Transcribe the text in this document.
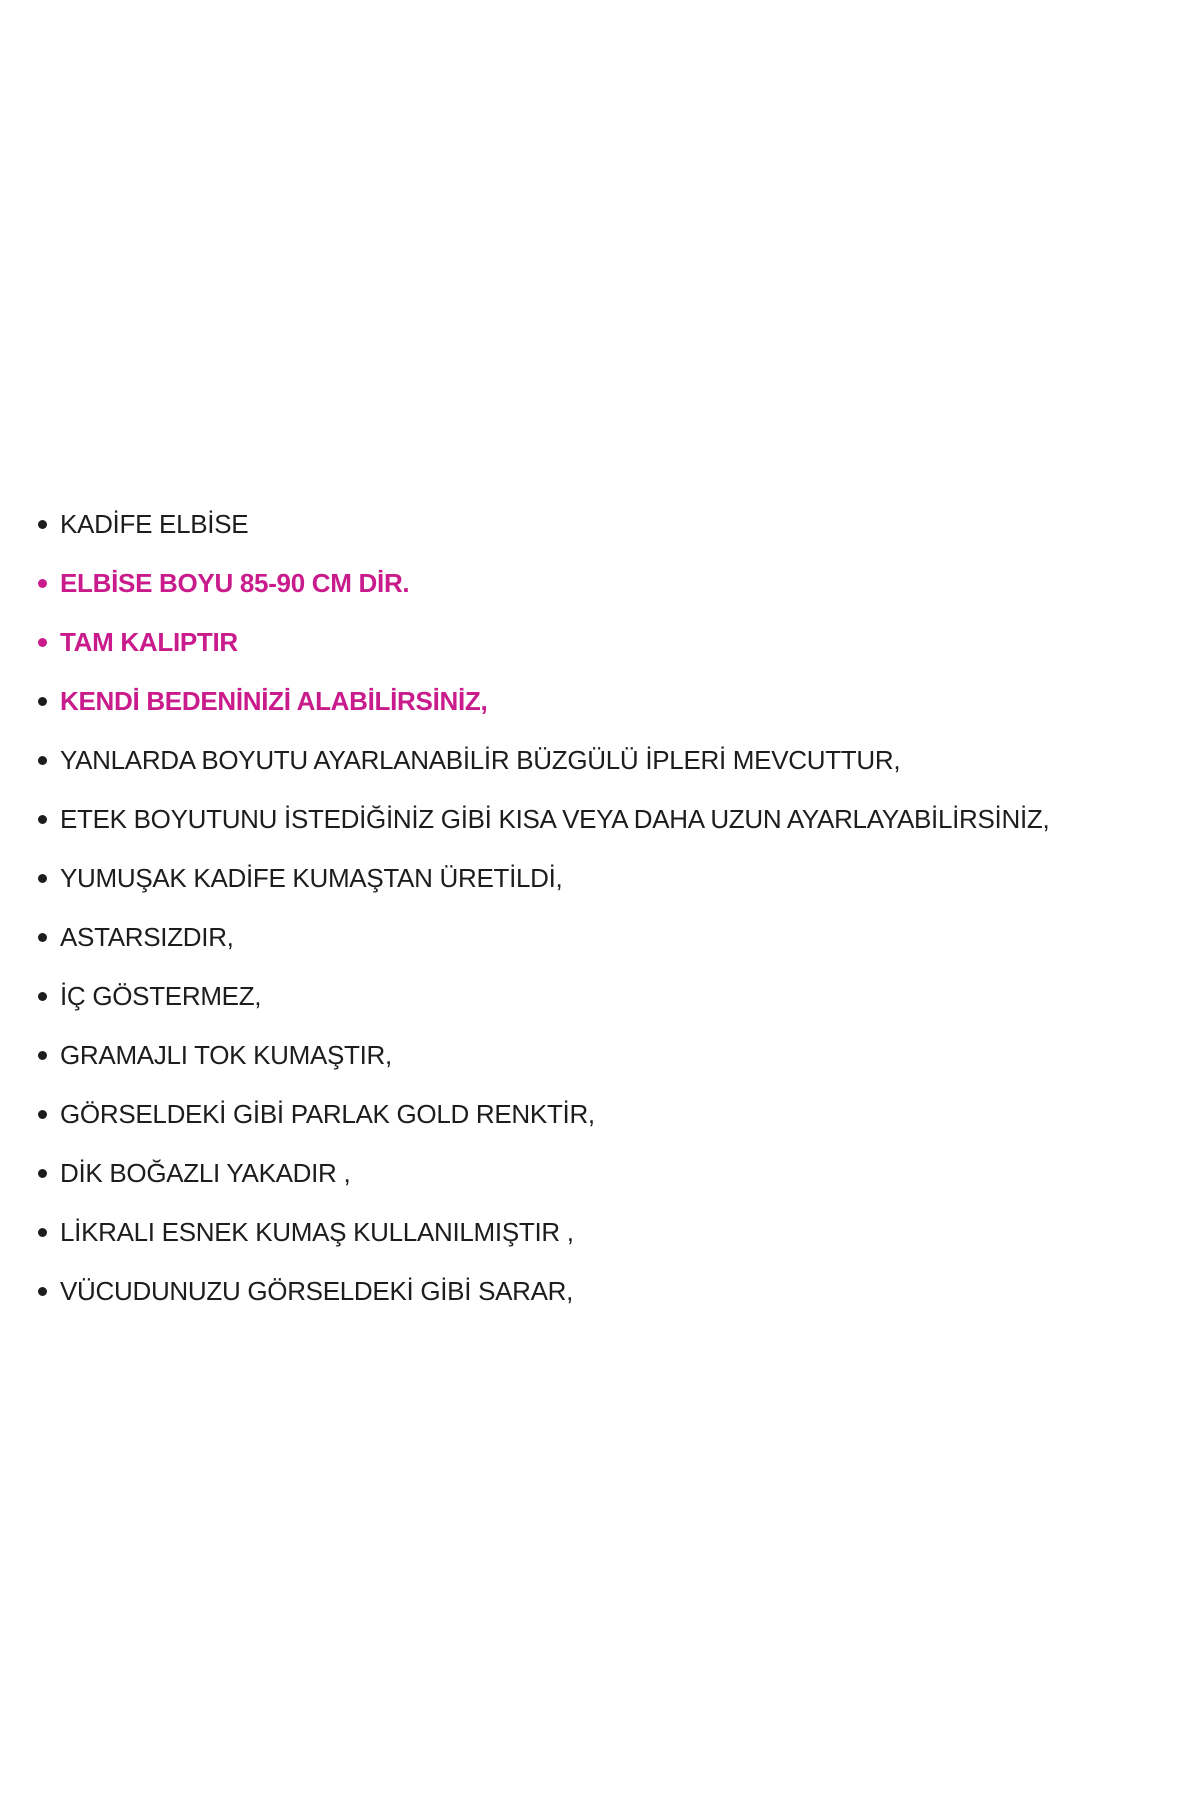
KADİFE ELBİSE
ELBİSE BOYU 85-90 CM DİR.
TAM KALIPTIR
KENDİ BEDENİNİZİ ALABİLİRSİNİZ,
YANLARDA BOYUTU AYARLANABİLİR BÜZGÜLÜ İPLERİ MEVCUTTUR,
ETEK BOYUTUNU İSTEDİĞİNİZ GİBİ KISA VEYA DAHA UZUN AYARLAYABİLİRSİNİZ,
YUMUŞAK KADİFE KUMAŞTAN ÜRETİLDİ,
ASTARSIZDIR,
İÇ GÖSTERMEZ,
GRAMAJLI TOK KUMAŞTIR,
GÖRSELDEKİ GİBİ PARLAK GOLD RENKTİR,
DİK BOĞAZLI YAKADIR ,
LİKRALI ESNEK KUMAŞ KULLANILMIŞTIR ,
VÜCUDUNUZU GÖRSELDEKİ GİBİ SARAR,
